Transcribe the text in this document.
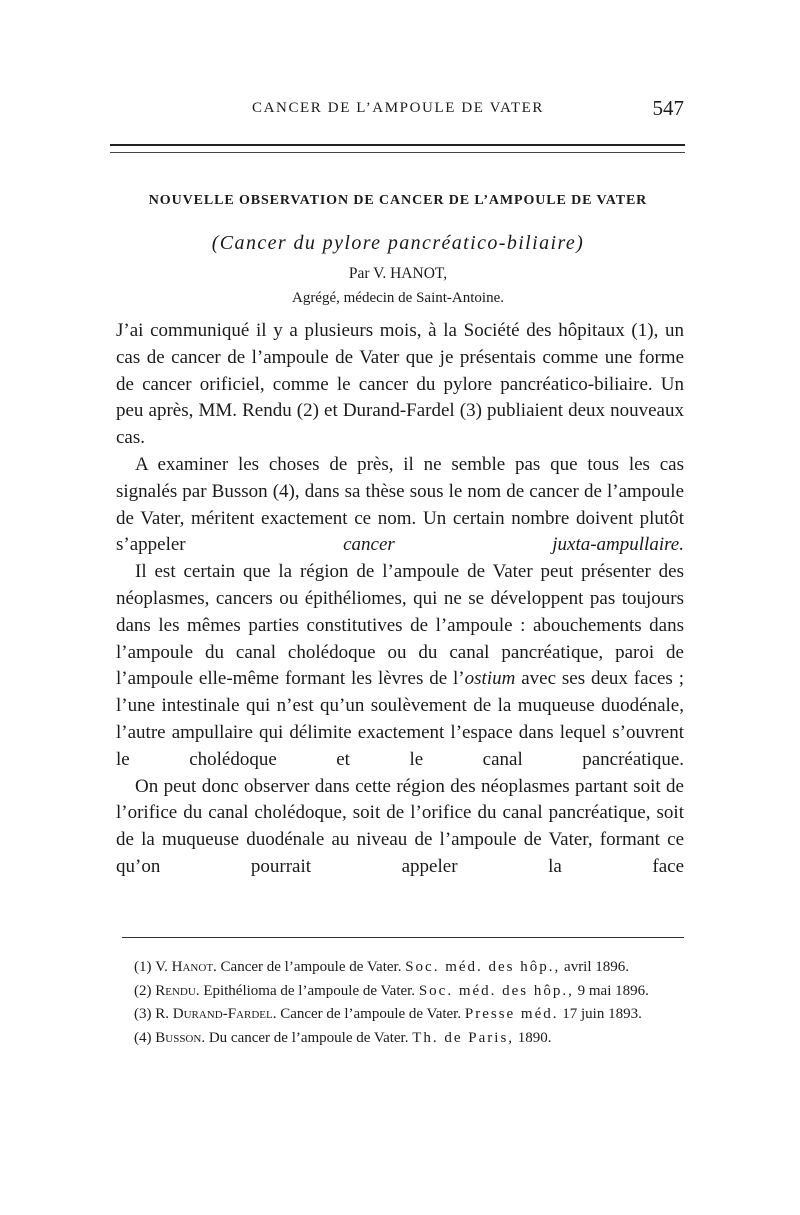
CANCER DE L’AMPOULE DE VATER	547
NOUVELLE OBSERVATION DE CANCER DE L’AMPOULE DE VATER
(Cancer du pylore pancréatico-biliaire)
Par V. HANOT,
Agrégé, médecin de Saint-Antoine.

J’ai communiqué il y a plusieurs mois, à la Société des hôpitaux (1), un cas de cancer de l’ampoule de Vater que je présentais comme une forme de cancer orificiel, comme le cancer du pylore pancréatico-biliaire. Un peu après, MM. Rendu (2) et Durand-Fardel (3) publiaient deux nouveaux cas.

A examiner les choses de près, il ne semble pas que tous les cas signalés par Busson (4), dans sa thèse sous le nom de cancer de l’ampoule de Vater, méritent exactement ce nom. Un certain nombre doivent plutôt s’appeler	cancer juxta-ampullaire.

Il est certain que la région de l’ampoule de Vater peut présenter des néoplasmes, cancers ou épithéliomes, qui ne se développent pas toujours dans les mêmes parties constitutives de l’ampoule : abouchements dans l’ampoule du canal cholédoque ou du canal pancréatique, paroi de l’ampoule elle-même formant les lèvres de l’ostium avec ses deux faces ; l’une intestinale qui n’est qu’un soulèvement de la muqueuse duodénale, l’autre ampullaire qui délimite exactement l’espace dans lequel s’ouvrent le cholédoque et le canal pancréatique.

On peut donc observer dans cette région des néoplasmes partant soit de l’orifice du canal cholédoque, soit de l’orifice du canal pancréatique, soit de la muqueuse duodénale au niveau de l’ampoule de Vater, formant ce qu’on pourrait appeler la face

(1) V. Hanot. Cancer de l’ampoule de Vater. Soc. méd. des hôp., avril 1896.

(2) Rendu. Epithélioma de l’ampoule de Vater. Soc. méd. des hôp., 9 mai 1896.

(3) R. Durand-Fardel. Cancer de l’ampoule de Vater. Presse méd. 17 juin 1893.

(4) Busson. Du cancer de l’ampoule de Vater. Th. de Paris, 1890.
